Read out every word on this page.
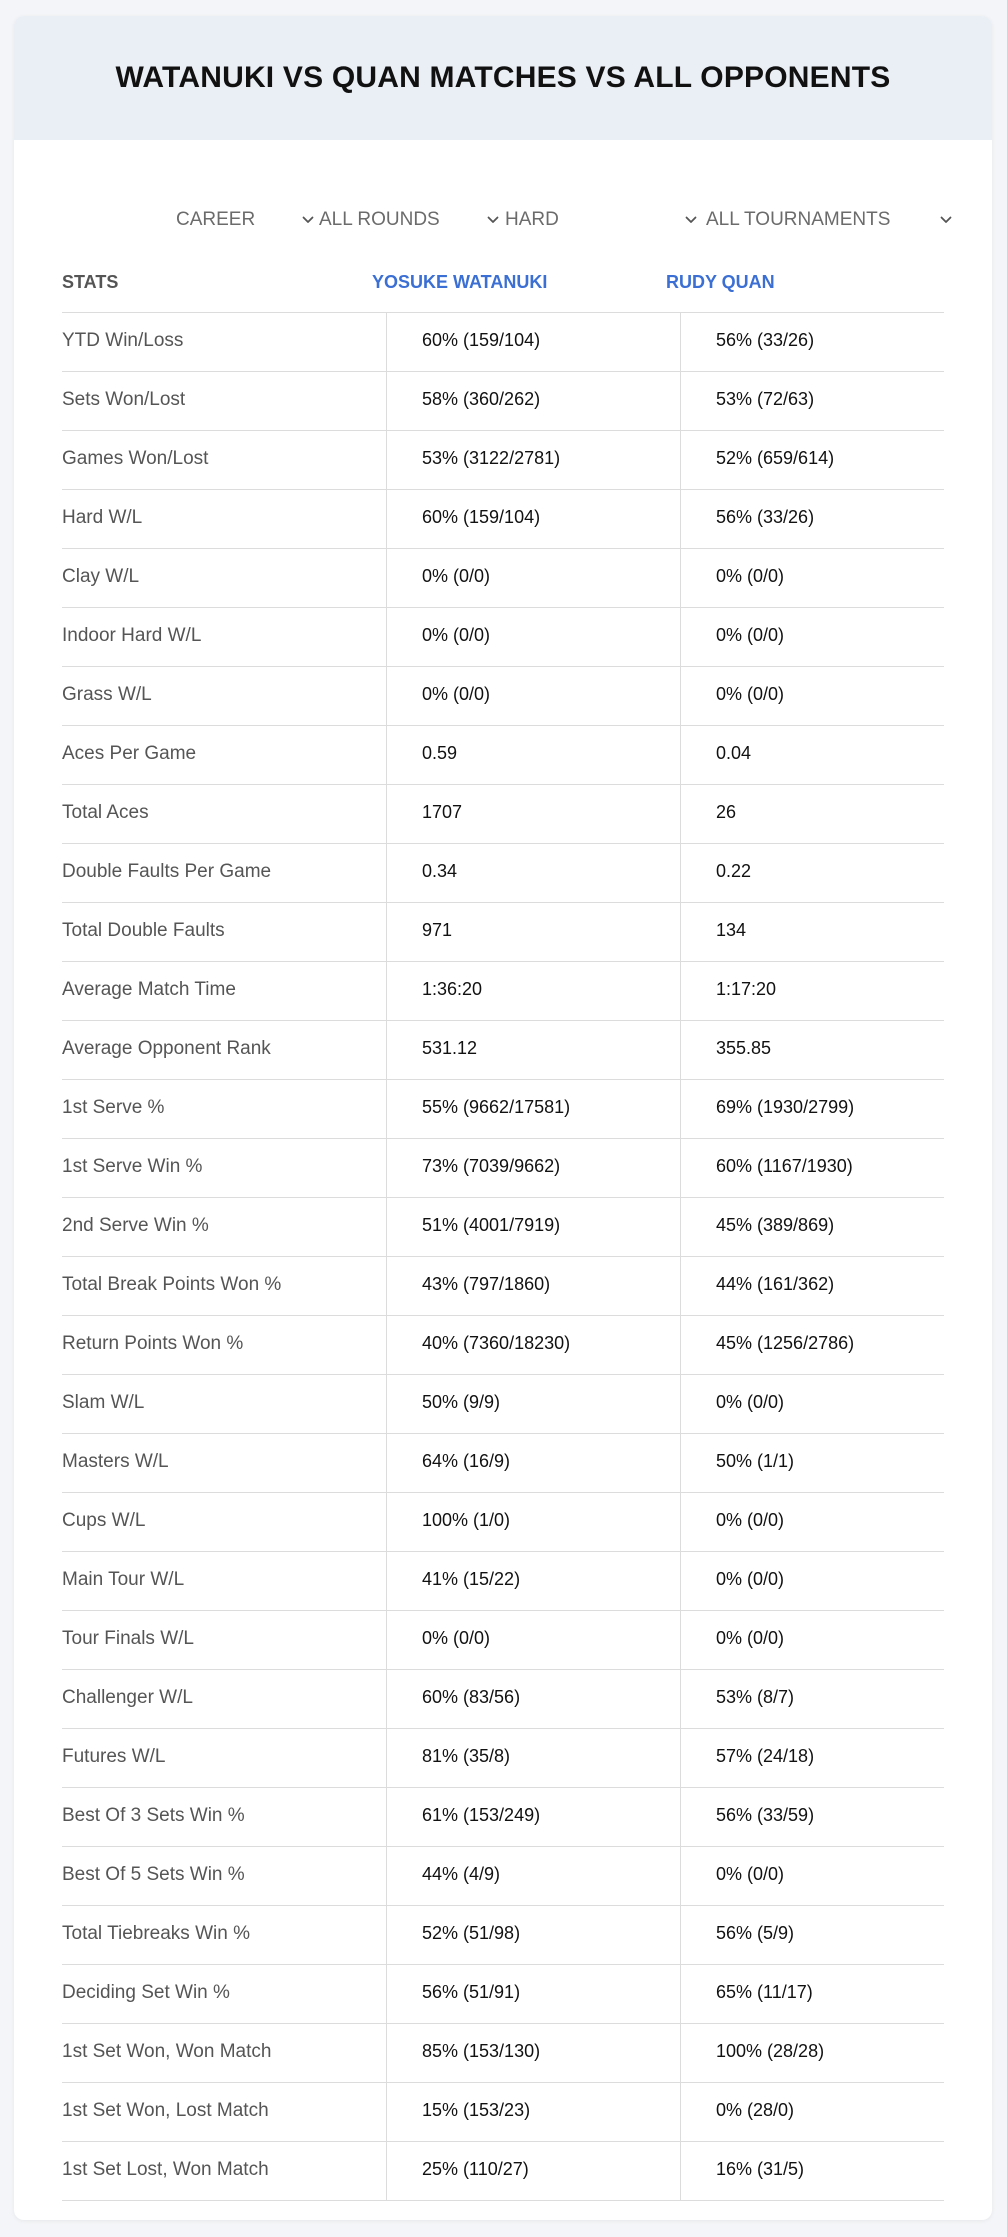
WATANUKI VS QUAN MATCHES VS ALL OPPONENTS
CAREER	ALL ROUNDS	HARD	ALL TOURNAMENTS
STATS	YOSUKE WATANUKI	RUDY QUAN
YTD Win/Loss	60% (159/104)	56% (33/26)
Sets Won/Lost	58% (360/262)	53% (72/63)
Games Won/Lost	53% (3122/2781)	52% (659/614)
Hard W/L	60% (159/104)	56% (33/26)
Clay W/L	0% (0/0)	0% (0/0)
Indoor Hard W/L	0% (0/0)	0% (0/0)
Grass W/L	0% (0/0)	0% (0/0)
Aces Per Game	0.59	0.04
Total Aces	1707	26
Double Faults Per Game	0.34	0.22
Total Double Faults	971	134
Average Match Time	1:36:20	1:17:20
Average Opponent Rank	531.12	355.85
1st Serve %	55% (9662/17581)	69% (1930/2799)
1st Serve Win %	73% (7039/9662)	60% (1167/1930)
2nd Serve Win %	51% (4001/7919)	45% (389/869)
Total Break Points Won %	43% (797/1860)	44% (161/362)
Return Points Won %	40% (7360/18230)	45% (1256/2786)
Slam W/L	50% (9/9)	0% (0/0)
Masters W/L	64% (16/9)	50% (1/1)
Cups W/L	100% (1/0)	0% (0/0)
Main Tour W/L	41% (15/22)	0% (0/0)
Tour Finals W/L	0% (0/0)	0% (0/0)
Challenger W/L	60% (83/56)	53% (8/7)
Futures W/L	81% (35/8)	57% (24/18)
Best Of 3 Sets Win %	61% (153/249)	56% (33/59)
Best Of 5 Sets Win %	44% (4/9)	0% (0/0)
Total Tiebreaks Win %	52% (51/98)	56% (5/9)
Deciding Set Win %	56% (51/91)	65% (11/17)
1st Set Won, Won Match	85% (153/130)	100% (28/28)
1st Set Won, Lost Match	15% (153/23)	0% (28/0)
1st Set Lost, Won Match	25% (110/27)	16% (31/5)
